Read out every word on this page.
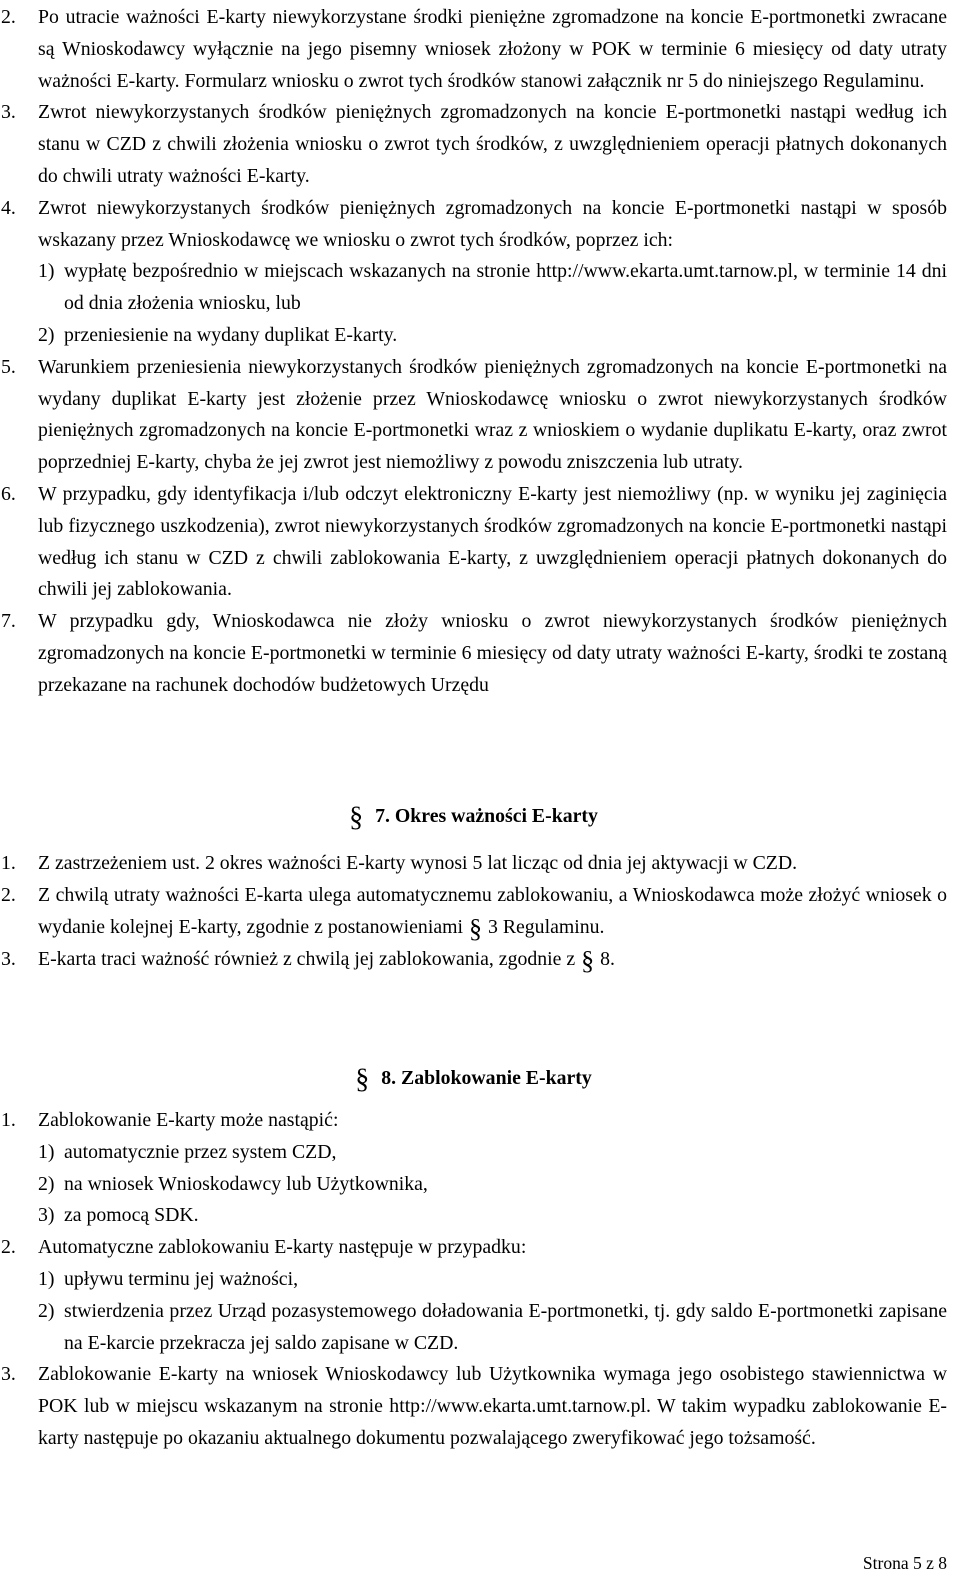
2. Po utracie ważności E-karty niewykorzystane środki pieniężne zgromadzone na koncie E-portmonetki zwracane są Wnioskodawcy wyłącznie na jego pisemny wniosek złożony w POK w terminie 6 miesięcy od daty utraty ważności E-karty. Formularz wniosku o zwrot tych środków stanowi załącznik nr 5 do niniejszego Regulaminu.
3. Zwrot niewykorzystanych środków pieniężnych zgromadzonych na koncie E-portmonetki nastąpi według ich stanu w CZD z chwili złożenia wniosku o zwrot tych środków, z uwzględnieniem operacji płatnych dokonanych do chwili utraty ważności E-karty.
4. Zwrot niewykorzystanych środków pieniężnych zgromadzonych na koncie E-portmonetki nastąpi w sposób wskazany przez Wnioskodawcę we wniosku o zwrot tych środków, poprzez ich:
1) wypłatę bezpośrednio w miejscach wskazanych na stronie http://www.ekarta.umt.tarnow.pl, w terminie 14 dni od dnia złożenia wniosku, lub
2) przeniesienie na wydany duplikat E-karty.
5. Warunkiem przeniesienia niewykorzystanych środków pieniężnych zgromadzonych na koncie E-portmonetki na wydany duplikat E-karty jest złożenie przez Wnioskodawcę wniosku o zwrot niewykorzystanych środków pieniężnych zgromadzonych na koncie E-portmonetki wraz z wnioskiem o wydanie duplikatu E-karty, oraz zwrot poprzedniej E-karty, chyba że jej zwrot jest niemożliwy z powodu zniszczenia lub utraty.
6. W przypadku, gdy identyfikacja i/lub odczyt elektroniczny E-karty jest niemożliwy (np. w wyniku jej zaginięcia lub fizycznego uszkodzenia), zwrot niewykorzystanych środków zgromadzonych na koncie E-portmonetki nastąpi według ich stanu w CZD z chwili zablokowania E-karty, z uwzględnieniem operacji płatnych dokonanych do chwili jej zablokowania.
7. W przypadku gdy, Wnioskodawca nie złoży wniosku o zwrot niewykorzystanych środków pieniężnych zgromadzonych na koncie E-portmonetki w terminie 6 miesięcy od daty utraty ważności E-karty, środki te zostaną przekazane na rachunek dochodów budżetowych Urzędu
§ 7. Okres ważności E-karty
1. Z zastrzeżeniem ust. 2 okres ważności E-karty wynosi 5 lat licząc od dnia jej aktywacji w CZD.
2. Z chwilą utraty ważności E-karta ulega automatycznemu zablokowaniu, a Wnioskodawca może złożyć wniosek o wydanie kolejnej E-karty, zgodnie z postanowieniami § 3 Regulaminu.
3. E-karta traci ważność również z chwilą jej zablokowania, zgodnie z § 8.
§ 8. Zablokowanie E-karty
1. Zablokowanie E-karty może nastąpić:
1) automatycznie przez system CZD,
2) na wniosek Wnioskodawcy lub Użytkownika,
3) za pomocą SDK.
2. Automatyczne zablokowaniu E-karty następuje w przypadku:
1) upływu terminu jej ważności,
2) stwierdzenia przez Urząd pozasystemowego doładowania E-portmonetki, tj. gdy saldo E-portmonetki zapisane na E-karcie przekracza jej saldo zapisane w CZD.
3. Zablokowanie E-karty na wniosek Wnioskodawcy lub Użytkownika wymaga jego osobistego stawiennictwa w POK lub w miejscu wskazanym na stronie http://www.ekarta.umt.tarnow.pl. W takim wypadku zablokowanie E-karty następuje po okazaniu aktualnego dokumentu pozwalającego zweryfikować jego tożsamość.
Strona 5 z 8
